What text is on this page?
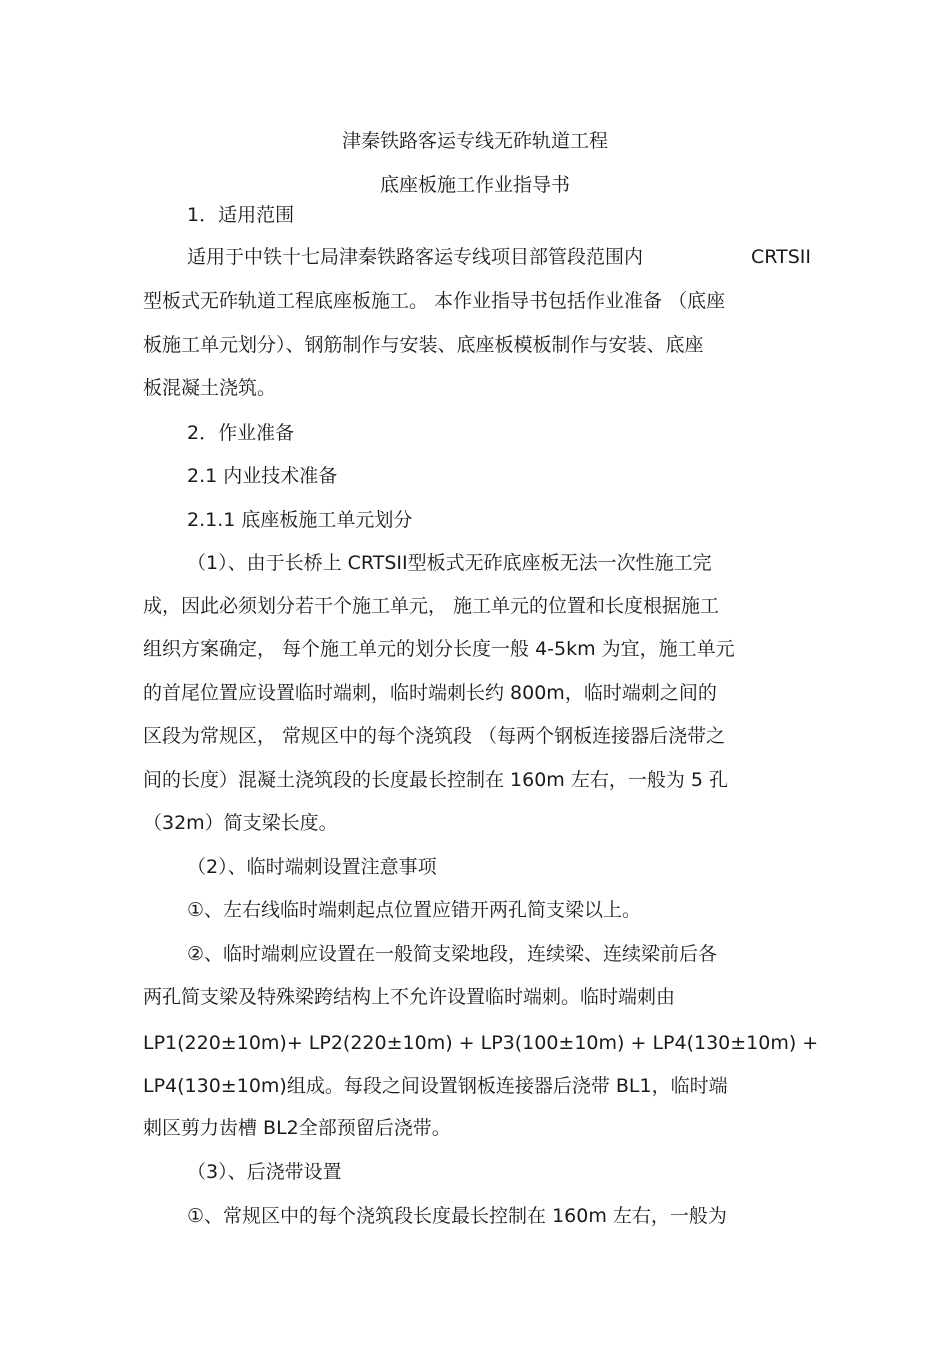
津秦铁路客运专线无砟轨道工程

底座板施工作业指导书

1．适用范围

适用于中铁十七局津秦铁路客运专线项目部管段范围内	CRTSII

型板式无砟轨道工程底座板施工。 本作业指导书包括作业准备 （底座

板施工单元划分）、钢筋制作与安装、底座板模板制作与安装、底座

板混凝土浇筑。

2．作业准备

2.1 内业技术准备

2.1.1 底座板施工单元划分

（1）、由于长桥上 CRTSII型板式无砟底座板无法一次性施工完

成，因此必须划分若干个施工单元， 施工单元的位置和长度根据施工

组织方案确定， 每个施工单元的划分长度一般 4-5km 为宜，施工单元

的首尾位置应设置临时端刺，临时端刺长约 800m，临时端刺之间的

区段为常规区， 常规区中的每个浇筑段 （每两个钢板连接器后浇带之

间的长度）混凝土浇筑段的长度最长控制在 160m 左右，一般为 5 孔

（32m）简支梁长度。

（2）、临时端刺设置注意事项

①、左右线临时端刺起点位置应错开两孔简支梁以上。

②、临时端刺应设置在一般简支梁地段，连续梁、连续梁前后各

两孔简支梁及特殊梁跨结构上不允许设置临时端刺。临时端刺由

LP1(220±10m)+ LP2(220±10m) + LP3(100±10m) + LP4(130±10m) +

LP4(130±10m)组成。每段之间设置钢板连接器后浇带 BL1，临时端

刺区剪力齿槽 BL2全部预留后浇带。

（3）、后浇带设置

①、常规区中的每个浇筑段长度最长控制在 160m 左右，一般为
